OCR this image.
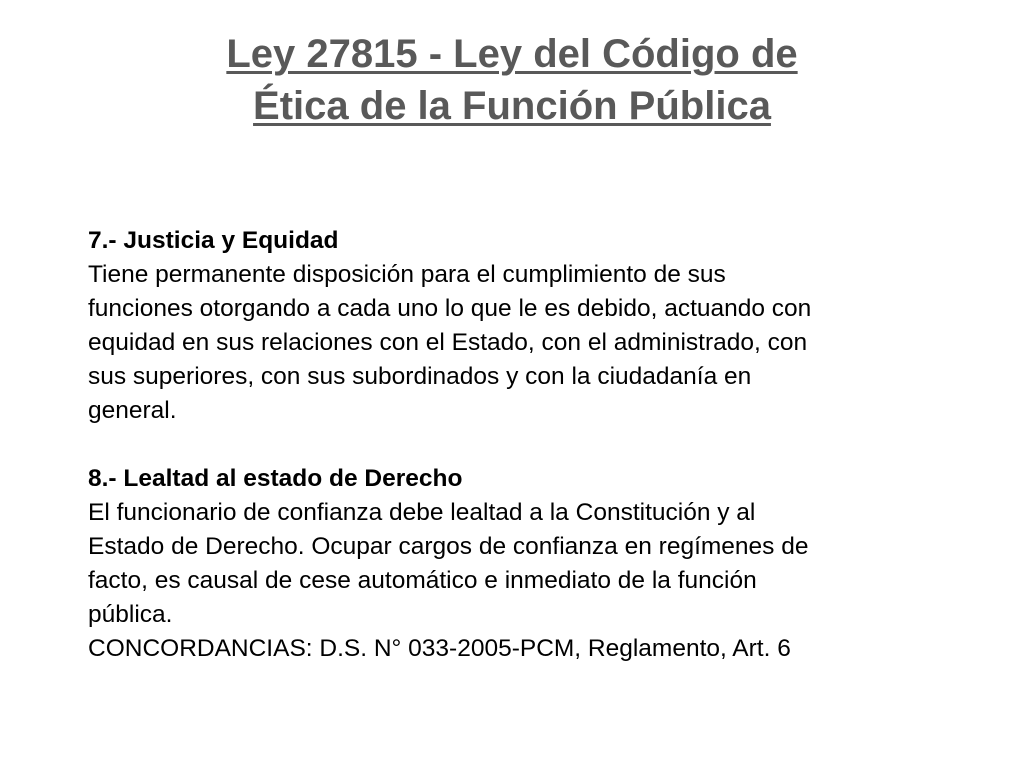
Ley 27815 - Ley del Código de
Ética de la Función Pública
7.- Justicia y Equidad
Tiene permanente disposición para el cumplimiento de sus
funciones otorgando a cada uno lo que le es debido, actuando con
equidad en sus relaciones con el Estado, con el administrado, con
sus superiores, con sus subordinados y con la ciudadanía en
general.
8.- Lealtad al estado de Derecho
El funcionario de confianza debe lealtad a la Constitución y al
Estado de Derecho. Ocupar cargos de confianza en regímenes de
facto, es causal de cese automático e inmediato de la función
pública.
CONCORDANCIAS: D.S. N° 033-2005-PCM, Reglamento, Art. 6
